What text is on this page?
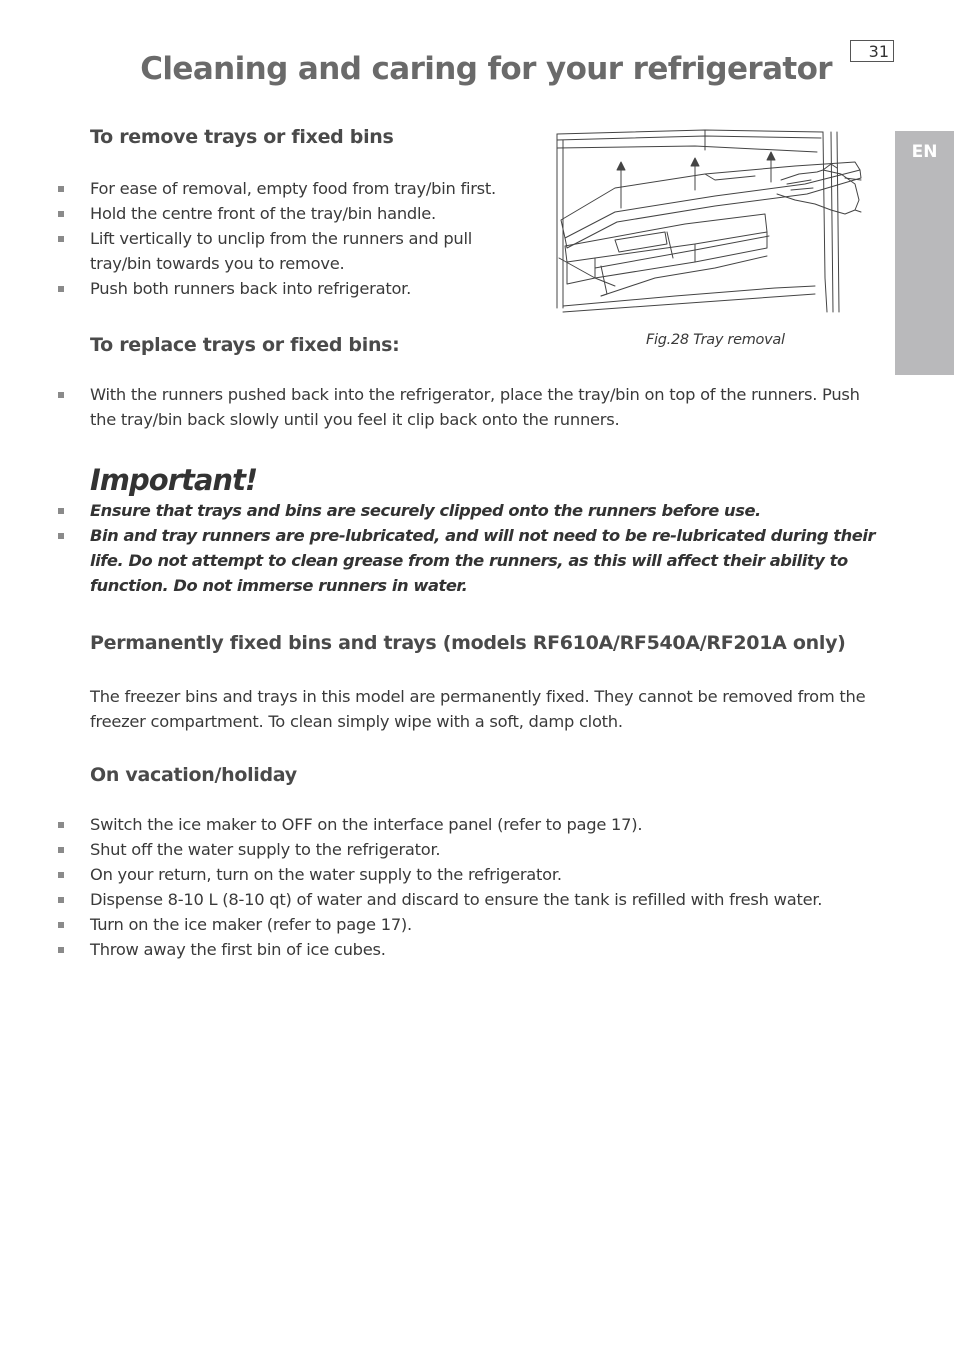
Cleaning and caring for your refrigerator	31
EN
To remove trays or fixed bins
For ease of removal, empty food from tray/bin first.
Hold the centre front of the tray/bin handle.
Lift vertically to unclip from the runners and pull tray/bin towards you to remove.
Push both runners back into refrigerator.
Fig.28 Tray removal
To replace trays or fixed bins:
With the runners pushed back into the refrigerator, place the tray/bin on top of the runners. Push the tray/bin back slowly until you feel it clip back onto the runners.
Important!
Ensure that trays and bins are securely clipped onto the runners before use.
Bin and tray runners are pre-lubricated, and will not need to be re-lubricated during their life. Do not attempt to clean grease from the runners, as this will affect their ability to function. Do not immerse runners in water.
Permanently fixed bins and trays (models RF610A/RF540A/RF201A only)

The freezer bins and trays in this model are permanently fixed. They cannot be removed from the freezer compartment. To clean simply wipe with a soft, damp cloth.

On vacation/holiday
Switch the ice maker to OFF on the interface panel (refer to page 17).
Shut off the water supply to the refrigerator.
On your return, turn on the water supply to the refrigerator.
Dispense 8-10 L (8-10 qt) of water and discard to ensure the tank is refilled with fresh water.
Turn on the ice maker (refer to page 17).
Throw away the first bin of ice cubes.
